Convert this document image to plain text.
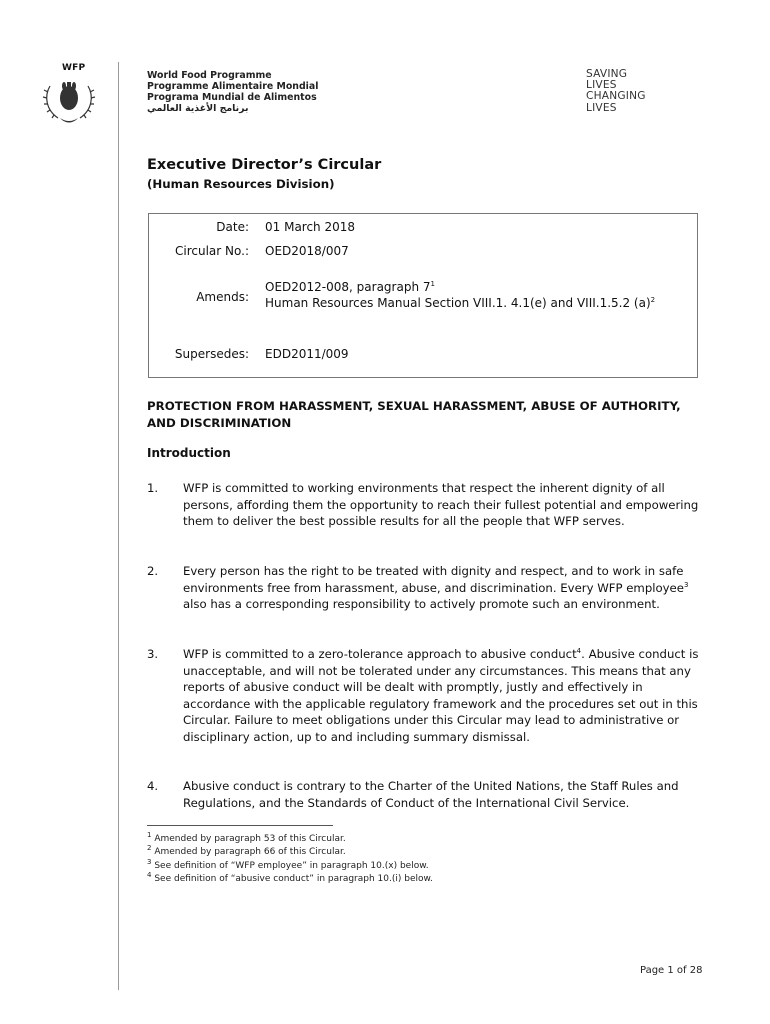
WFP
World Food Programme
Programme Alimentaire Mondial
Programa Mundial de Alimentos
برنامج الأغذية العالمي
SAVING
LIVES
CHANGING
LIVES
Executive Director’s Circular
(Human Resources Division)
Date: 01 March 2018
Circular No.: OED2018/007
Amends:
OED2012-008, paragraph $7^1$
Human Resources Manual Section VIII.1. 4.1(e) and VIII.1.5.2 $(a)^2$
Supersedes: EDD2011/009
PROTECTION FROM HARASSMENT, SEXUAL HARASSMENT, ABUSE OF AUTHORITY, AND DISCRIMINATION
Introduction
1. WFP is committed to working environments that respect the inherent dignity of all persons, affording them the opportunity to reach their fullest potential and empowering them to deliver the best possible results for all the people that WFP serves.
2. Every person has the right to be treated with dignity and respect, and to work in safe environments free from harassment, abuse, and discrimination. Every WFP employee$^3$ also has a corresponding responsibility to actively promote such an environment.
3. WFP is committed to a zero-tolerance approach to abusive conduct$^4$. Abusive conduct is unacceptable, and will not be tolerated under any circumstances. This means that any reports of abusive conduct will be dealt with promptly, justly and effectively in accordance with the applicable regulatory framework and the procedures set out in this Circular. Failure to meet obligations under this Circular may lead to administrative or disciplinary action, up to and including summary dismissal.
4. Abusive conduct is contrary to the Charter of the United Nations, the Staff Rules and Regulations, and the Standards of Conduct of the International Civil Service.
$^1$ Amended by paragraph 53 of this Circular.
$^2$ Amended by paragraph 66 of this Circular.
$^3$ See definition of “WFP employee” in paragraph 10.(x) below.
$^4$ See definition of “abusive conduct” in paragraph 10.(i) below.
Page 1 of 28
